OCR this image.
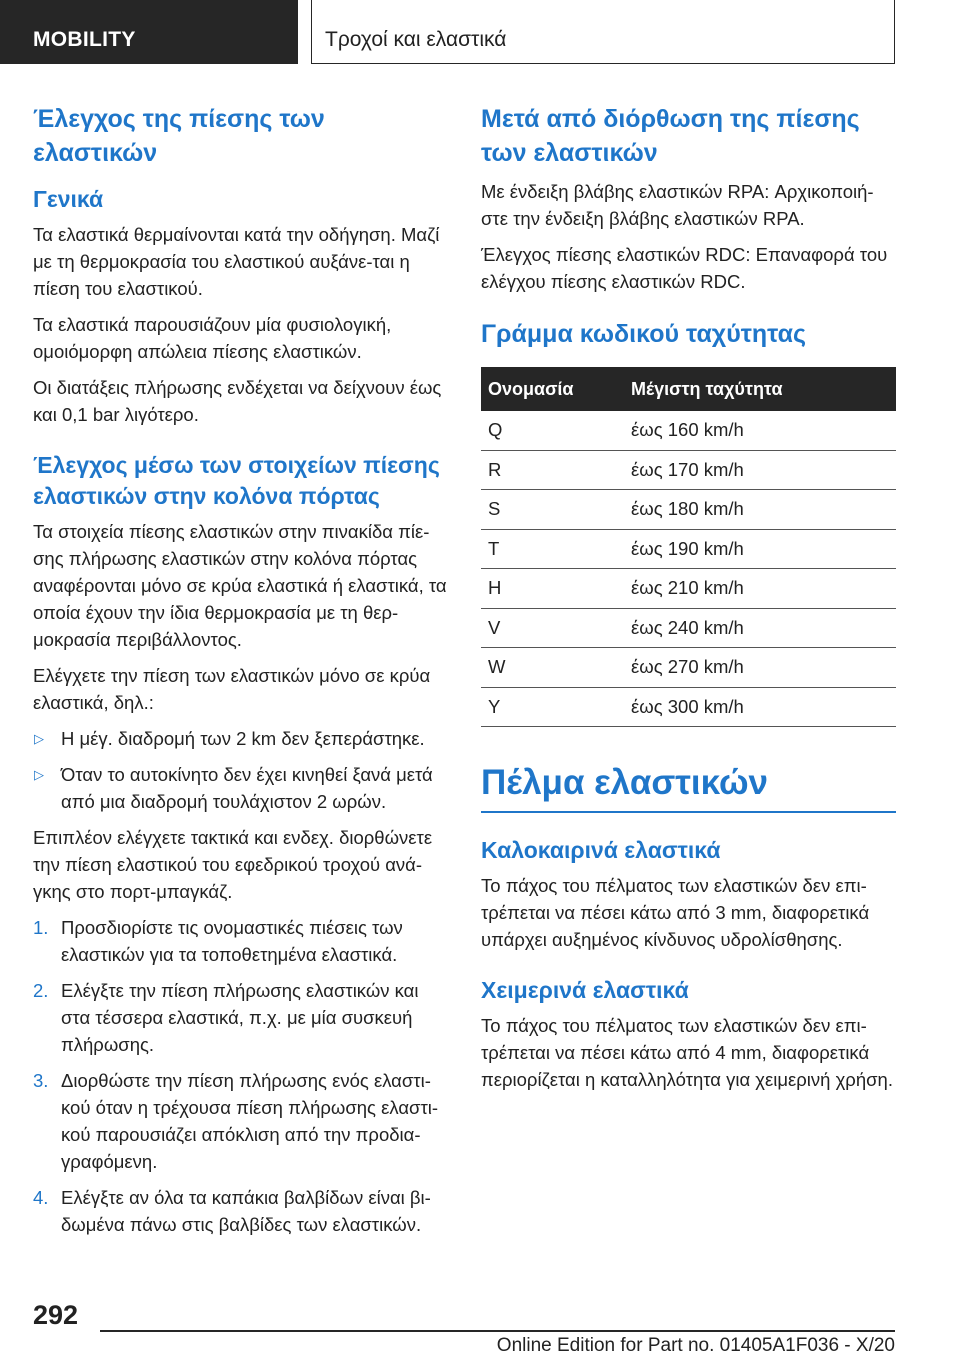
MOBILITY	Τροχοί και ελαστικά
Έλεγχος της πίεσης των ελαστικών
Γενικά

Τα ελαστικά θερμαίνονται κατά την οδήγηση. Μαζί με τη θερμοκρασία του ελαστικού αυξάνε-ται η πίεση του ελαστικού.

Τα ελαστικά παρουσιάζουν μία φυσιολογική, ομοιόμορφη απώλεια πίεσης ελαστικών.

Οι διατάξεις πλήρωσης ενδέχεται να δείχνουν έως και 0,1 bar λιγότερο.

Έλεγχος μέσω των στοιχείων πίεσης ελαστικών στην κολόνα πόρτας

Τα στοιχεία πίεσης ελαστικών στην πινακίδα πίε-σης πλήρωσης ελαστικών στην κολόνα πόρτας αναφέρονται μόνο σε κρύα ελαστικά ή ελαστικά, τα οποία έχουν την ίδια θερμοκρασία με τη θερ-μοκρασία περιβάλλοντος.

Ελέγχετε την πίεση των ελαστικών μόνο σε κρύα ελαστικά, δηλ.:

▷ Η μέγ. διαδρομή των 2 km δεν ξεπεράστηκε.
▷ Όταν το αυτοκίνητο δεν έχει κινηθεί ξανά μετά από μια διαδρομή τουλάχιστον 2 ωρών.

Επιπλέον ελέγχετε τακτικά και ενδεχ. διορθώνετε την πίεση ελαστικού του εφεδρικού τροχού ανά-γκης στο πορτ-μπαγκάζ.

1. Προσδιορίστε τις ονομαστικές πιέσεις των ελαστικών για τα τοποθετημένα ελαστικά.
2. Ελέγξτε την πίεση πλήρωσης ελαστικών και στα τέσσερα ελαστικά, π.χ. με μία συσκευή πλήρωσης.
3. Διορθώστε την πίεση πλήρωσης ενός ελαστι-κού όταν η τρέχουσα πίεση πλήρωσης ελαστι-κού παρουσιάζει απόκλιση από την προδια-γραφόμενη.
4. Ελέγξτε αν όλα τα καπάκια βαλβίδων είναι βι-δωμένα πάνω στις βαλβίδες των ελαστικών.
Μετά από διόρθωση της πίεσης των ελαστικών

Με ένδειξη βλάβης ελαστικών RPA: Αρχικοποιή-στε την ένδειξη βλάβης ελαστικών RPA.

Έλεγχος πίεσης ελαστικών RDC: Επαναφορά του ελέγχου πίεσης ελαστικών RDC.

Γράμμα κωδικού ταχύτητας
Ονομασία	Μέγιστη ταχύτητα
Q	έως 160 km/h
R	έως 170 km/h
S	έως 180 km/h
T	έως 190 km/h
H	έως 210 km/h
V	έως 240 km/h
W	έως 270 km/h
Y	έως 300 km/h
Πέλμα ελαστικών
Καλοκαιρινά ελαστικά

Το πάχος του πέλματος των ελαστικών δεν επι-τρέπεται να πέσει κάτω από 3 mm, διαφορετικά υπάρχει αυξημένος κίνδυνος υδρολίσθησης.

Χειμερινά ελαστικά

Το πάχος του πέλματος των ελαστικών δεν επι-τρέπεται να πέσει κάτω από 4 mm, διαφορετικά περιορίζεται η καταλληλότητα για χειμερινή χρήση.

292
Online Edition for Part no. 01405A1F036 - X/20
